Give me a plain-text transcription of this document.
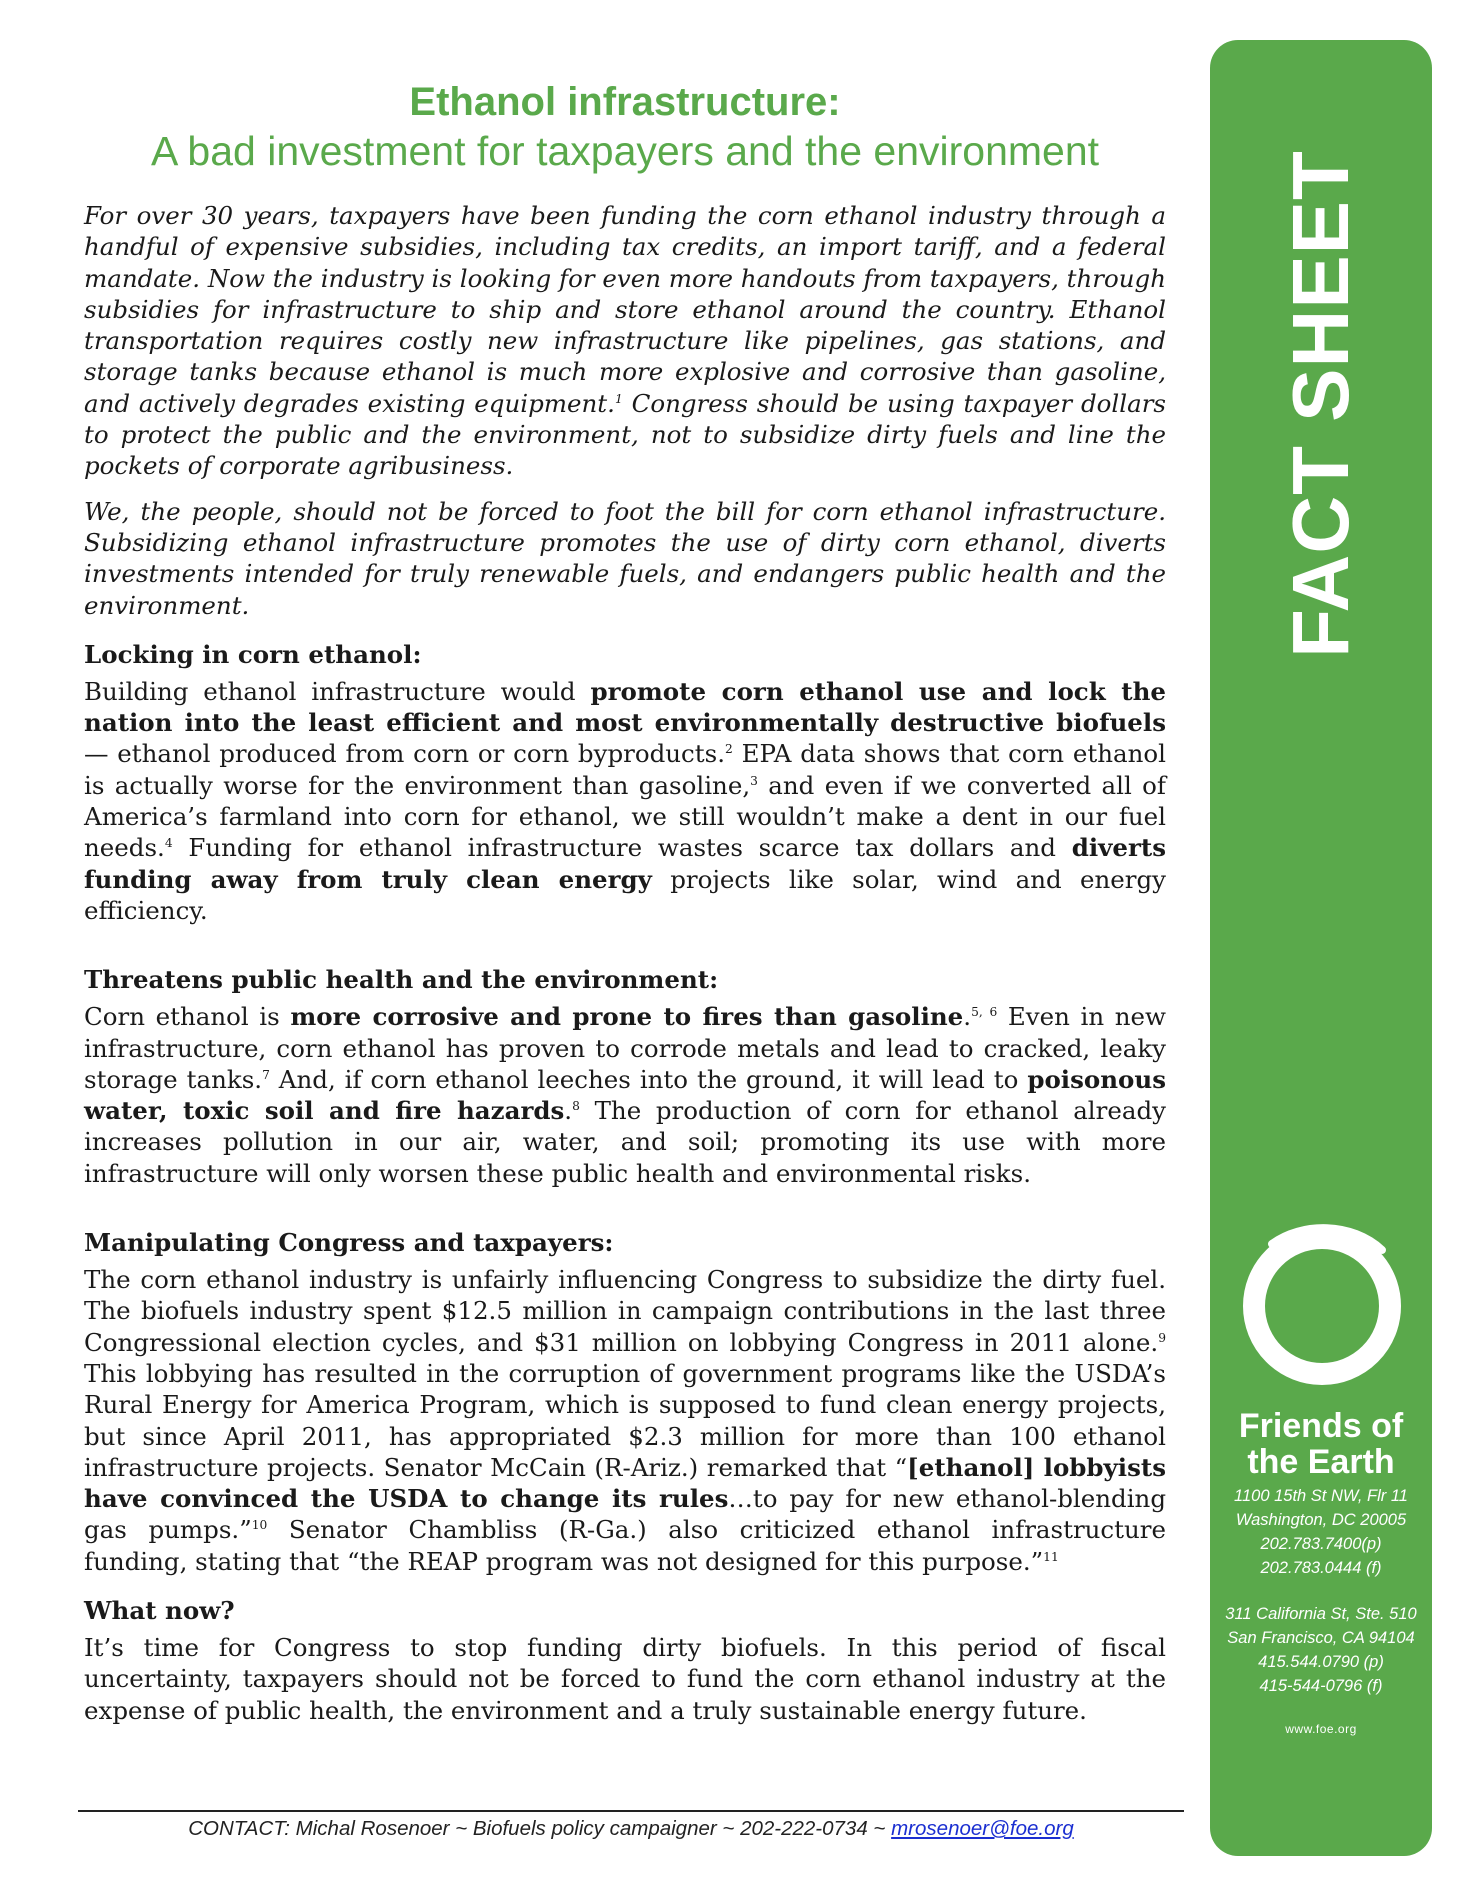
Ethanol infrastructure:
A bad investment for taxpayers and the environment
For over 30 years, taxpayers have been funding the corn ethanol industry through a handful of expensive subsidies, including tax credits, an import tariff, and a federal mandate. Now the industry is looking for even more handouts from taxpayers, through subsidies for infrastructure to ship and store ethanol around the country. Ethanol transportation requires costly new infrastructure like pipelines, gas stations, and storage tanks because ethanol is much more explosive and corrosive than gasoline, and actively degrades existing equipment.$^1$ Congress should be using taxpayer dollars to protect the public and the environment, not to subsidize dirty fuels and line the pockets of corporate agribusiness.
We, the people, should not be forced to foot the bill for corn ethanol infrastructure. Subsidizing ethanol infrastructure promotes the use of dirty corn ethanol, diverts investments intended for truly renewable fuels, and endangers public health and the environment.
Locking in corn ethanol:

Building ethanol infrastructure would promote corn ethanol use and lock the nation into the least efficient and most environmentally destructive biofuels — ethanol produced from corn or corn byproducts.$^2$ EPA data shows that corn ethanol is actually worse for the environment than gasoline,$^3$ and even if we converted all of America’s farmland into corn for ethanol, we still wouldn’t make a dent in our fuel needs.$^4$ Funding for ethanol infrastructure wastes scarce tax dollars and diverts funding away from truly clean energy projects like solar, wind and energy efficiency.

Threatens public health and the environment:

Corn ethanol is more corrosive and prone to fires than gasoline.$^{5, 6}$ Even in new infrastructure, corn ethanol has proven to corrode metals and lead to cracked, leaky storage tanks.$^7$ And, if corn ethanol leeches into the ground, it will lead to poisonous water, toxic soil and fire hazards.$^8$ The production of corn for ethanol already increases pollution in our air, water, and soil; promoting its use with more infrastructure will only worsen these public health and environmental risks.

Manipulating Congress and taxpayers:

The corn ethanol industry is unfairly influencing Congress to subsidize the dirty fuel. The biofuels industry spent $12.5 million in campaign contributions in the last three Congressional election cycles, and $31 million on lobbying Congress in 2011 alone.$^9$ This lobbying has resulted in the corruption of government programs like the USDA’s Rural Energy for America Program, which is supposed to fund clean energy projects, but since April 2011, has appropriated $2.3 million for more than 100 ethanol infrastructure projects. Senator McCain (R-Ariz.) remarked that “[ethanol] lobbyists have convinced the USDA to change its rules…to pay for new ethanol-blending gas pumps.”$^{10}$ Senator Chambliss (R-Ga.) also criticized ethanol infrastructure funding, stating that “the REAP program was not designed for this purpose.”$^{11}$

What now?

It’s time for Congress to stop funding dirty biofuels. In this period of fiscal uncertainty, taxpayers should not be forced to fund the corn ethanol industry at the expense of public health, the environment and a truly sustainable energy future.

CONTACT: Michal Rosenoer ~ Biofuels policy campaigner ~ 202-222-0734 ~ mrosenoer@foe.org
FACT SHEET
Friends of
the Earth
1100 15th St NW, Flr 11
Washington, DC 20005
202.783.7400(p)
202.783.0444 (f)
311 California St, Ste. 510
San Francisco, CA 94104
415.544.0790 (p)
415-544-0796 (f)
www.foe.org
